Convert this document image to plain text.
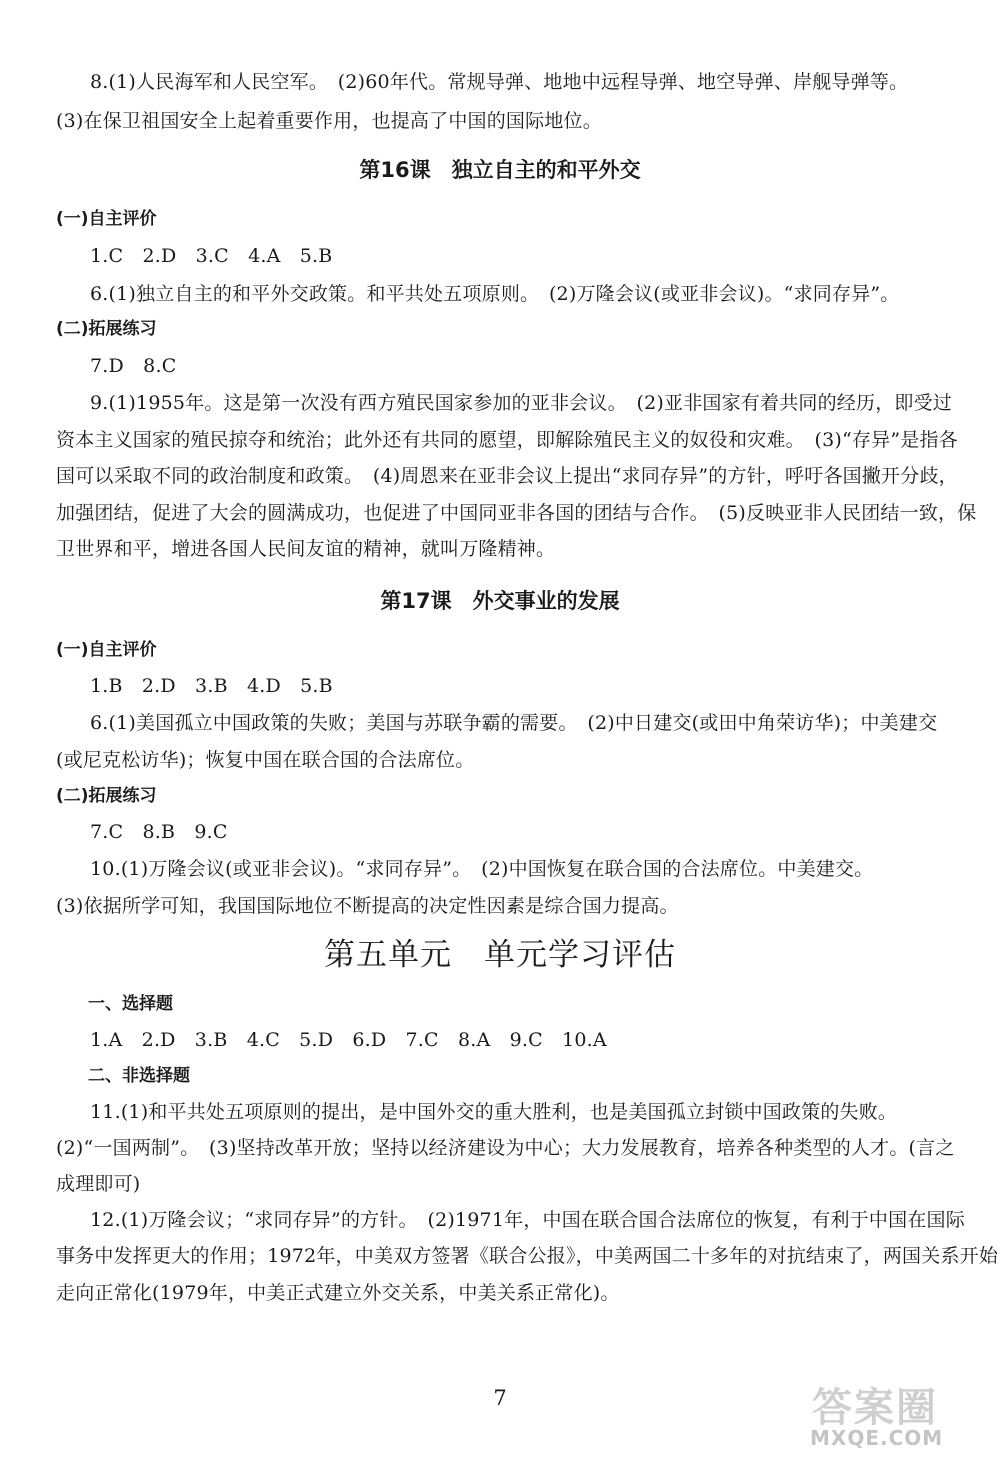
8.(1)人民海军和人民空军。　(2)60年代。常规导弹、地地中远程导弹、地空导弹、岸舰导弹等。
(3)在保卫祖国安全上起着重要作用，也提高了中国的国际地位。
第16课　独立自主的和平外交
(一)自主评价
1.C　2.D　3.C　4.A　5.B
6.(1)独立自主的和平外交政策。和平共处五项原则。　(2)万隆会议(或亚非会议)。“求同存异”。
(二)拓展练习
7.D　8.C
9.(1)1955年。这是第一次没有西方殖民国家参加的亚非会议。　(2)亚非国家有着共同的经历，即受过
资本主义国家的殖民掠夺和统治；此外还有共同的愿望，即解除殖民主义的奴役和灾难。　(3)“存异”是指各
国可以采取不同的政治制度和政策。　(4)周恩来在亚非会议上提出“求同存异”的方针，呼吁各国撇开分歧，
加强团结，促进了大会的圆满成功，也促进了中国同亚非各国的团结与合作。　(5)反映亚非人民团结一致，保
卫世界和平，增进各国人民间友谊的精神，就叫万隆精神。
第17课　外交事业的发展
(一)自主评价
1.B　2.D　3.B　4.D　5.B
6.(1)美国孤立中国政策的失败；美国与苏联争霸的需要。　(2)中日建交(或田中角荣访华)；中美建交
(或尼克松访华)；恢复中国在联合国的合法席位。
(二)拓展练习
7.C　8.B　9.C
10.(1)万隆会议(或亚非会议)。“求同存异”。　(2)中国恢复在联合国的合法席位。中美建交。
(3)依据所学可知，我国国际地位不断提高的决定性因素是综合国力提高。
第五单元　单元学习评估
一、选择题
1.A　2.D　3.B　4.C　5.D　6.D　7.C　8.A　9.C　10.A
二、非选择题
11.(1)和平共处五项原则的提出，是中国外交的重大胜利，也是美国孤立封锁中国政策的失败。
(2)“一国两制”。　(3)坚持改革开放；坚持以经济建设为中心；大力发展教育，培养各种类型的人才。(言之
成理即可)
12.(1)万隆会议；“求同存异”的方针。　(2)1971年，中国在联合国合法席位的恢复，有利于中国在国际
事务中发挥更大的作用；1972年，中美双方签署《联合公报》，中美两国二十多年的对抗结束了，两国关系开始
走向正常化(1979年，中美正式建立外交关系，中美关系正常化)。
7	答案圈
MXQE.COM
